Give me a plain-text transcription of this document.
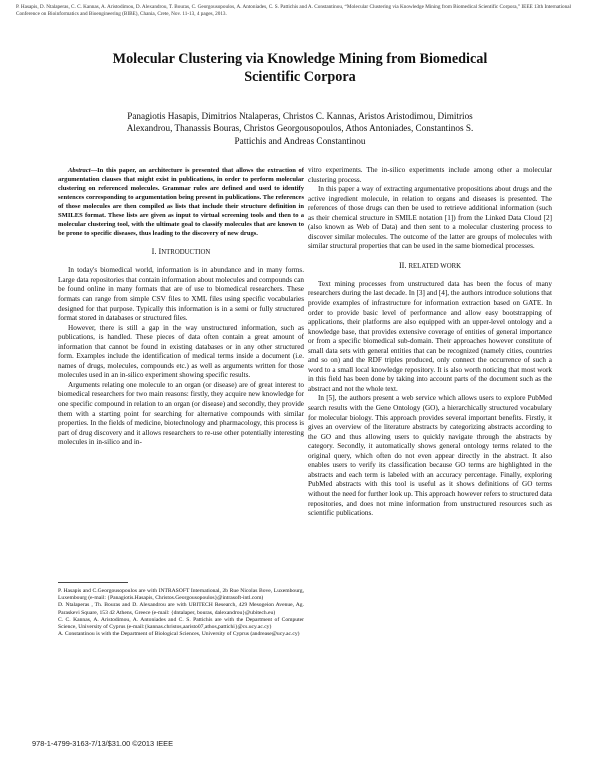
P. Hasapis, D. Ntalaperas, C. C. Kannas, A. Aristodimou, D. Alexandrou, T. Bouras, C. Georgousopoulos, A. Antoniades, C. S. Pattichis and A. Constantinou, “Molecular Clustering via Knowledge Mining from Biomedical Scientific Corpora,” IEEE 13th International Conference on Bioinformatics and Bioengineering (BIBE), Chania, Crete, Nov. 11-13, 4 pages, 2013.
Molecular Clustering via Knowledge Mining from Biomedical
Scientific Corpora
Panagiotis Hasapis, Dimitrios Ntalaperas, Christos C. Kannas, Aristos Aristodimou, Dimitrios
Alexandrou, Thanassis Bouras, Christos Georgousopoulos, Athos Antoniades, Constantinos S.
Pattichis and Andreas Constantinou
Abstract—In this paper, an architecture is presented that allows the extraction of argumentation clauses that might exist in publications, in order to perform molecular clustering on referenced molecules. Grammar rules are defined and used to identify sentences corresponding to argumentation being present in publications. The references of those molecules are then compiled as lists that include their structure definition in SMILES format. These lists are given as input to virtual screening tools and then to a molecular clustering tool, with the ultimate goal to classify molecules that are known to be prone to specific diseases, thus leading to the discovery of new drugs.
I. INTRODUCTION

In today's biomedical world, information is in abundance and in many forms. Large data repositories that contain information about molecules and compounds can be found online in many formats that are of use to biomedical researchers. These formats can range from simple CSV files to XML files using specific vocabularies designed for that purpose. Typically this information is in a semi or fully structured format stored in databases or structured files.

However, there is still a gap in the way unstructured information, such as publications, is handled. These pieces of data often contain a great amount of information that cannot be found in existing databases or in any other structured form. Examples include the identification of medical terms inside a document (i.e. names of drugs, molecules, compounds etc.) as well as arguments written for those molecules used in an in-silico experiment showing specific results.

Arguments relating one molecule to an organ (or disease) are of great interest to biomedical researchers for two main reasons: firstly, they acquire new knowledge for one specific compound in relation to an organ (or disease) and secondly, they provide them with a starting point for searching for alternative compounds with similar properties. In the fields of medicine, biotechnology and pharmacology, this process is part of drug discovery and it allows researchers to re-use other potentially interesting molecules in in-silico and in-

vitro experiments. The in-silico experiments include among other a molecular clustering process.

In this paper a way of extracting argumentative propositions about drugs and the active ingredient molecule, in relation to organs and diseases is presented. The references of those drugs can then be used to retrieve additional information (such as their chemical structure in SMILE notation [1]) from the Linked Data Cloud [2] (also known as Web of Data) and then sent to a molecular clustering process to discover similar molecules. The outcome of the latter are groups of molecules with similar structural properties that can be used in the same biomedical processes.

II. RELATED WORK

Text mining processes from unstructured data has been the focus of many researchers during the last decade. In [3] and [4], the authors introduce solutions that provide examples of infrastructure for information extraction based on GATE. In order to provide basic level of performance and allow easy bootstrapping of applications, their platforms are also equipped with an upper-level ontology and a knowledge base, that provides extensive coverage of entities of general importance or from a specific biomedical sub-domain. Their approaches however constitute of small data sets with general entities that can be recognized (namely cities, countries and so on) and the RDF triples produced, only connect the occurrence of such a word to a small local knowledge repository. It is also worth noticing that most work in this field has been done by taking into account parts of the document such as the abstract and not the whole text.

In [5], the authors present a web service which allows users to explore PubMed search results with the Gene Ontology (GO), a hierarchically structured vocabulary for molecular biology. This approach provides several important benefits. Firstly, it gives an overview of the literature abstracts by categorizing abstracts according to the GO and thus allowing users to quickly navigate through the abstracts by category. Secondly, it automatically shows general ontology terms related to the original query, which often do not even appear directly in the abstract. It also enables users to verify its classification because GO terms are highlighted in the abstracts and each term is labeled with an accuracy percentage. Finally, exploring PubMed abstracts with this tool is useful as it shows definitions of GO terms without the need for further look up. This approach however refers to structured data repositories, and does not mine information from unstructured resources such as scientific publications.

P. Hasapis and C.Georgousopoulos are with INTRASOFT International, 2b Rue Nicolas Bove, Luxembourg, Luxembourg (e-mail: {Panagiotis.Hasapis, Christos.Georgousopoulos}@intrasoft-intl.com)
D. Ntalaperas , Th. Bouras and D. Alexandrou are with UBITECH Research, 429 Mesogeion Avenue, Ag. Paraskevi Square, 153 42 Athens, Greece (e-mail: {dntalaper, bouras, dalexandrou}@ubitech.eu)
C. C. Kannas, A. Aristodimou, A. Antoniades and C. S. Pattichis are with the Department of Computer Science, University of Cyprus (e-mail:{kannas.christos,aaristo07,athos,pattichi}@cs.ucy.ac.cy)
A. Constantinou is with the Department of Biological Sciences, University of Cyprus (andrease@ucy.ac.cy)
978-1-4799-3163-7/13/$31.00 ©2013 IEEE
